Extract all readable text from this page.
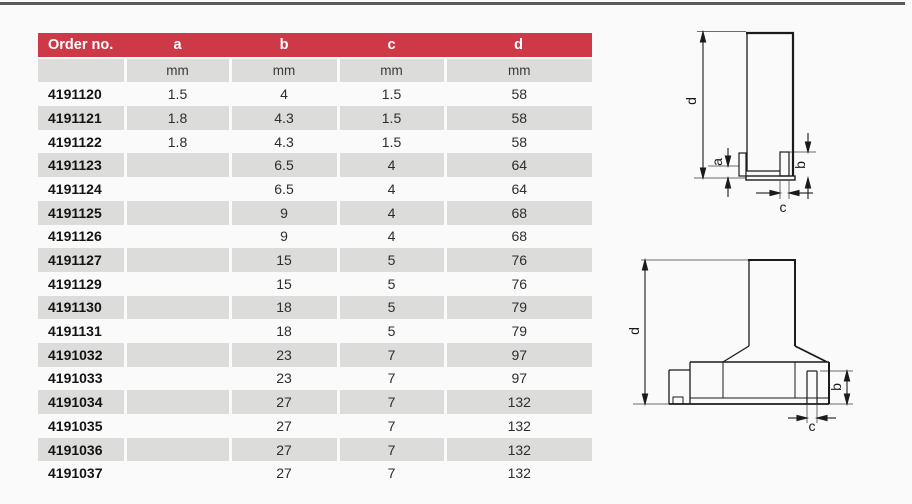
Order no.	a	b	c	d
	mm	mm	mm	mm
4191120	1.5	4	1.5	58
4191121	1.8	4.3	1.5	58
4191122	1.8	4.3	1.5	58
4191123		6.5	4	64
4191124		6.5	4	64
4191125		9	4	68
4191126		9	4	68
4191127		15	5	76
4191129		15	5	76
4191130		18	5	79
4191131		18	5	79
4191032		23	7	97
4191033		23	7	97
4191034		27	7	132
4191035		27	7	132
4191036		27	7	132
4191037		27	7	132
d
a	b
c
d
b
c
